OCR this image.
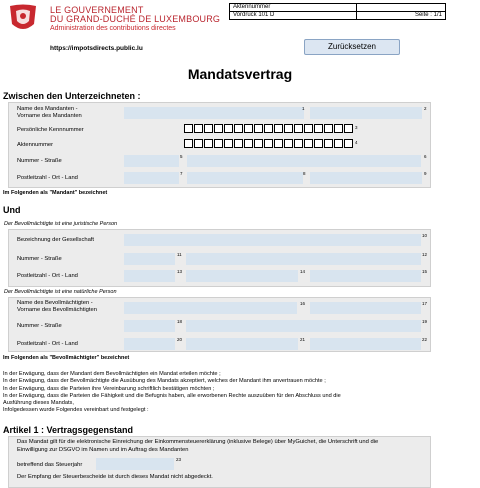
LE GOUVERNEMENT
DU GRAND-DUCHÉ DE LUXEMBOURG
Administration des contributions directes
https://impotsdirects.public.lu
Aktennummer	
Vordruck 101 D	Seite : 1/1
Zurücksetzen
Mandatsvertrag
Zwischen den Unterzeichneten :
Name des Mandanten -
Vorname des Mandanten
1	2
Persönliche Kennnummer	3
Aktennummer	4
Nummer - Straße
5	6
Postleitzahl - Ort - Land
7	8	9
Im Folgenden als "Mandant" bezeichnet
Und
Der Bevollmächtigte ist eine juristische Person
Bezeichnung der Gesellschaft
10
Nummer - Straße
11	12
Postleitzahl - Ort - Land
13	14	15
Der Bevollmächtigte ist eine natürliche Person
Name des Bevollmächtigten -
Vorname des Bevollmächtigten
16	17
Nummer - Straße
18	19
Postleitzahl - Ort - Land
20	21	22
Im Folgenden als "Bevollmächtigter" bezeichnet
In der Erwägung, dass der Mandant dem Bevollmächtigten ein Mandat erteilen möchte ;
In der Erwägung, dass der Bevollmächtigte die Ausübung des Mandats akzeptiert, welches der Mandant ihm anvertrauen möchte ;
In der Erwägung, dass die Parteien ihre Vereinbarung schriftlich bestätigen möchten ;
In der Erwägung, dass die Parteien die Fähigkeit und die Befugnis haben, alle erworbenen Rechte auszuüben für den Abschluss und die
Ausführung dieses Mandats,
Infolgedessen wurde Folgendes vereinbart und festgelegt :
Artikel 1 : Vertragsgegenstand
Das Mandat gilt für die elektronische Einreichung der Einkommensteuererklärung (inklusive Belege) über MyGuichet, die Unterschrift und die
Einwilligung zur DSGVO im Namen und im Auftrag des Mandanten
betreffend das Steuerjahr
23
Der Empfang der Steuerbescheide ist durch dieses Mandat nicht abgedeckt.
